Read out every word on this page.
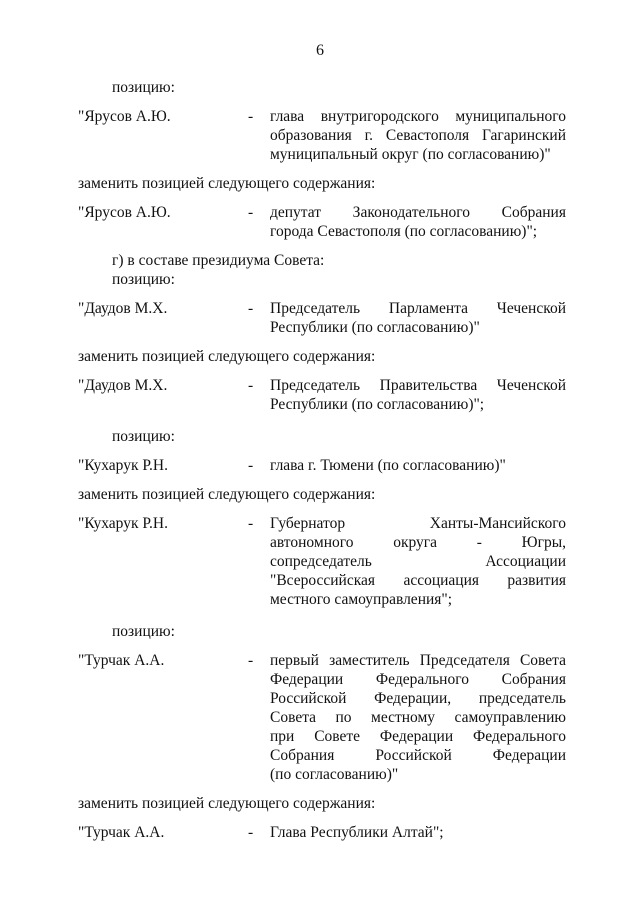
6
позицию:
"Ярусов А.Ю.	-	глава внутригородского муниципального
образования г. Севастополя Гагаринский
муниципальный округ (по согласованию)"
заменить позицией следующего содержания:
"Ярусов А.Ю.	-	депутат Законодательного Собрания
города Севастополя (по согласованию)";
г) в составе президиума Совета:
позицию:
"Даудов М.Х.	-	Председатель Парламента Чеченской
Республики (по согласованию)"
заменить позицией следующего содержания:
"Даудов М.Х.	-	Председатель Правительства Чеченской
Республики (по согласованию)";
позицию:
"Кухарук Р.Н.	-	глава г. Тюмени (по согласованию)"
заменить позицией следующего содержания:
"Кухарук Р.Н.	-	Губернатор Ханты-Мансийского
автономного округа - Югры,
сопредседатель Ассоциации
"Всероссийская ассоциация развития
местного самоуправления";
позицию:
"Турчак А.А.	-	первый заместитель Председателя Совета
Федерации Федерального Собрания
Российской Федерации, председатель
Совета по местному самоуправлению
при Совете Федерации Федерального
Собрания Российской Федерации
(по согласованию)"
заменить позицией следующего содержания:
"Турчак А.А.	-	Глава Республики Алтай";
